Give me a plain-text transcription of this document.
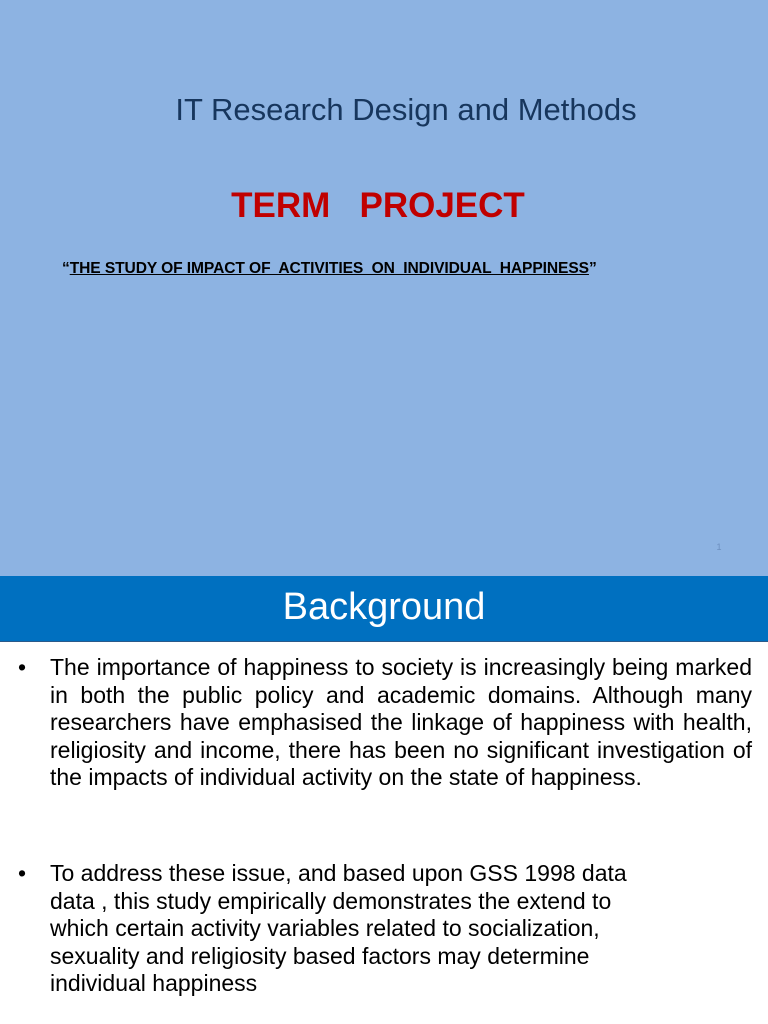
IT Research Design and Methods
TERM   PROJECT
“THE STUDY OF IMPACT OF  ACTIVITIES  ON  INDIVIDUAL  HAPPINESS”
1
Background
• The importance of happiness to society is increasingly being marked in both the public policy and academic domains. Although many researchers have emphasised the linkage of happiness with health, religiosity and income, there has been no significant investigation of the impacts of individual activity on the state of happiness.
• To address these issue, and based upon GSS 1998 data
data , this study empirically demonstrates the extend to
which certain activity variables related to socialization,
sexuality and religiosity based factors may determine
individual happiness
